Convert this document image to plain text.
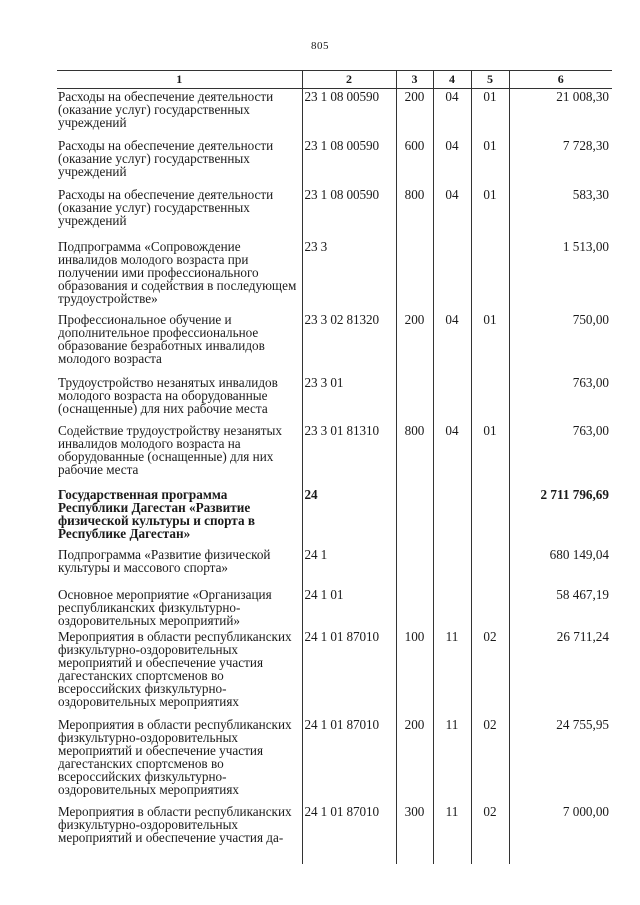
805
1	2	3	4	5	6
Расходы на обеспечение деятельности (оказание услуг) государственных учреждений	23 1 08 00590	200	04	01	21 008,30
Расходы на обеспечение деятельности (оказание услуг) государственных учреждений	23 1 08 00590	600	04	01	7 728,30
Расходы на обеспечение деятельности (оказание услуг) государственных учреждений	23 1 08 00590	800	04	01	583,30
Подпрограмма «Сопровождение инвалидов молодого возраста при получении ими профессионального образования и содействия в последующем трудоустройстве»	23 3				1 513,00
Профессиональное обучение и дополнительное профессиональное образование безработных инвалидов молодого возраста	23 3 02 81320	200	04	01	750,00
Трудоустройство незанятых инвалидов молодого возраста на оборудованные (оснащенные) для них рабочие места	23 3 01				763,00
Содействие трудоустройству незанятых инвалидов молодого возраста на оборудованные (оснащенные) для них рабочие места	23 3 01 81310	800	04	01	763,00
Государственная программа Республики Дагестан «Развитие физической культуры и спорта в Республике Дагестан»	24				2 711 796,69
Подпрограмма «Развитие физической культуры и массового спорта»	24 1				680 149,04
Основное мероприятие «Организация республиканских физкультурно-оздоровительных мероприятий»	24 1 01				58 467,19
Мероприятия в области республиканских физкультурно-оздоровительных мероприятий и обеспечение участия дагестанских спортсменов во всероссийских физкультурно-оздоровительных мероприятиях	24 1 01 87010	100	11	02	26 711,24
Мероприятия в области республиканских физкультурно-оздоровительных мероприятий и обеспечение участия дагестанских спортсменов во всероссийских физкультурно-оздоровительных мероприятиях	24 1 01 87010	200	11	02	24 755,95
Мероприятия в области республиканских физкультурно-оздоровительных мероприятий и обеспечение участия да-	24 1 01 87010	300	11	02	7 000,00
